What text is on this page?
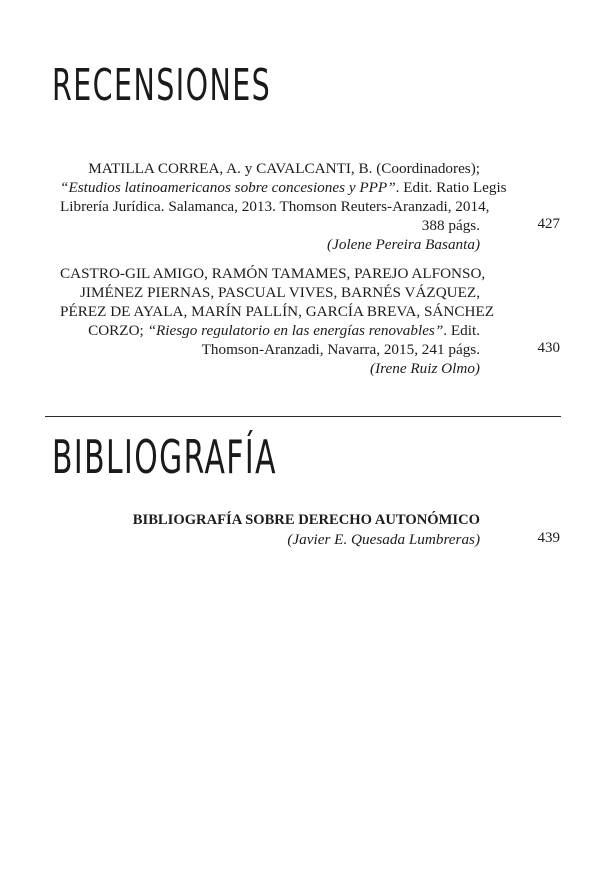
RECENSIONES
MATILLA CORREA, A. y CAVALCANTI, B. (Coordinadores);
“Estudios latinoamericanos sobre concesiones y PPP”. Edit. Ratio Legis
Librería Jurídica. Salamanca, 2013. Thomson Reuters-Aranzadi, 2014,
388 págs.
(Jolene Pereira Basanta)
427
CASTRO-GIL AMIGO, RAMÓN TAMAMES, PAREJO ALFONSO,
JIMÉNEZ PIERNAS, PASCUAL VIVES, BARNÉS VÁZQUEZ,
PÉREZ DE AYALA, MARÍN PALLÍN, GARCÍA BREVA, SÁNCHEZ
CORZO; “Riesgo regulatorio en las energías renovables”. Edit.
Thomson-Aranzadi, Navarra, 2015, 241 págs.
(Irene Ruiz Olmo)
430
BIBLIOGRAFÍA
BIBLIOGRAFÍA SOBRE DERECHO AUTONÓMICO
(Javier E. Quesada Lumbreras)	439
